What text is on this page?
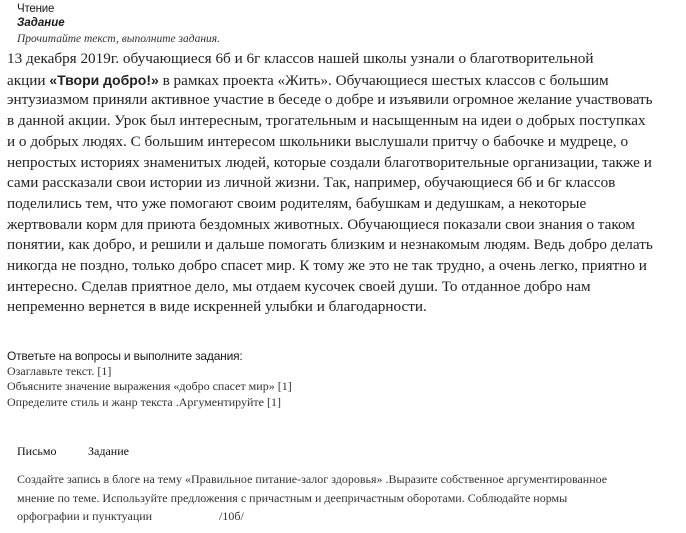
Чтение
Задание
Прочитайте текст, выполните задания.
13 декабря 2019г. обучающиеся 6б и 6г классов нашей школы узнали о благотворительной
акции «Твори добро!» в рамках проекта «Жить». Обучающиеся шестых классов с большим
энтузиазмом приняли активное участие в беседе о добре и изъявили огромное желание участвовать
в данной акции. Урок был интересным, трогательным и насыщенным на идеи о добрых поступках
и о добрых людях. С большим интересом школьники выслушали притчу о бабочке и мудреце, о
непростых историях знаменитых людей, которые создали благотворительные организации, также и
сами рассказали свои истории из личной жизни. Так, например, обучающиеся 6б и 6г классов
поделились тем, что уже помогают своим родителям, бабушкам и дедушкам, а некоторые
жертвовали корм для приюта бездомных животных. Обучающиеся показали свои знания о таком
понятии, как добро, и решили и дальше помогать близким и незнакомым людям. Ведь добро делать
никогда не поздно, только добро спасет мир. К тому же это не так трудно, а очень легко, приятно и
интересно. Сделав приятное дело, мы отдаем кусочек своей души. То отданное добро нам
непременно вернется в виде искренней улыбки и благодарности.
Ответьте на вопросы и выполните задания:
Озаглавьте текст. [1]
Объясните значение выражения «добро спасет мир» [1]
Определите стиль и жанр текста .Аргументируйте [1]
Письмо	Задание
Создайте запись в блоге на тему «Правильное питание-залог здоровья» .Выразите собственное аргументированное
мнение по теме. Используйте предложения с причастным и деепричастным оборотами. Соблюдайте нормы
орфографии и пунктуации	/10б/
